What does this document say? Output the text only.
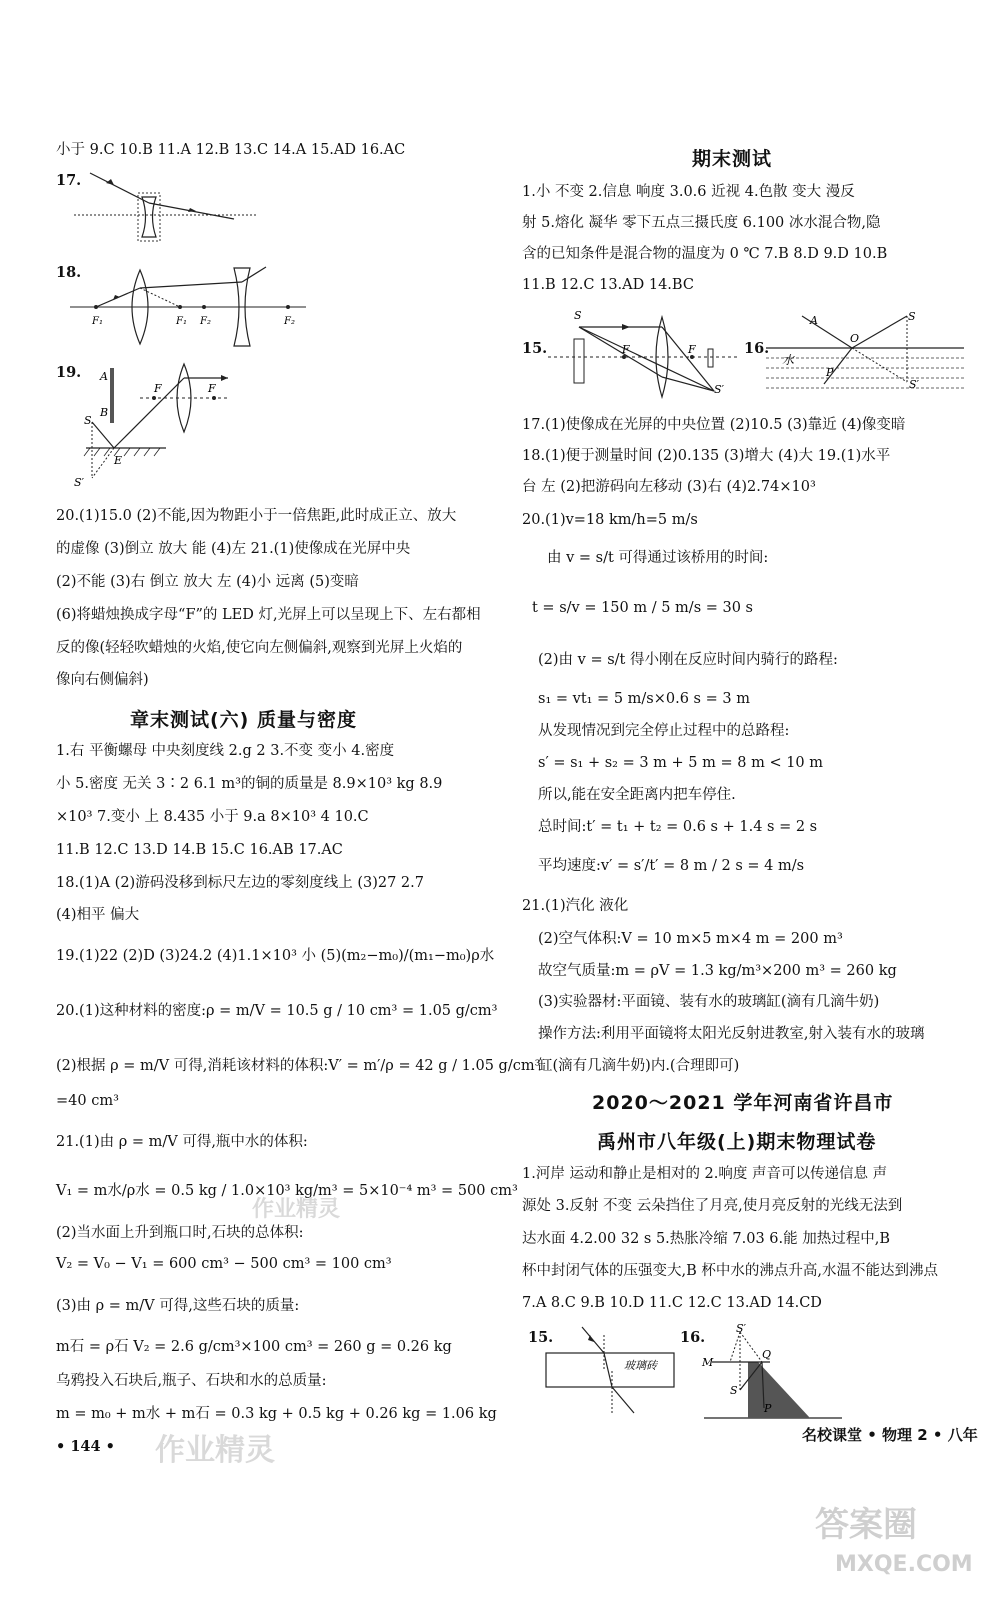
小于 9.C 10.B 11.A 12.B 13.C 14.A 15.AD 16.AC
17.
18.
F₁	F₁ F₂	F₂
19. A
B
S
E
S′
F	F
20.(1)15.0 (2)不能,因为物距小于一倍焦距,此时成正立、放大
的虚像 (3)倒立 放大 能 (4)左 21.(1)使像成在光屏中央
(2)不能 (3)右 倒立 放大 左 (4)小 远离 (5)变暗
(6)将蜡烛换成字母“F”的 LED 灯,光屏上可以呈现上下、左右都相
反的像(轻轻吹蜡烛的火焰,使它向左侧偏斜,观察到光屏上火焰的
像向右侧偏斜)
章末测试(六) 质量与密度
1.右 平衡螺母 中央刻度线 2.g 2 3.不变 变小 4.密度
小 5.密度 无关 3∶2 6.1 m³的铜的质量是 8.9×10³ kg 8.9
×10³ 7.变小 上 8.435 小于 9.a 8×10³ 4 10.C
11.B 12.C 13.D 14.B 15.C 16.AB 17.AC
18.(1)A (2)游码没移到标尺左边的零刻度线上 (3)27 2.7
(4)相平 偏大
19.(1)22 (2)D (3)24.2 (4)1.1×10³ 小 (5)(m₂−m₀)/(m₁−m₀)ρ水
20.(1)这种材料的密度:ρ = m/V = 10.5 g / 10 cm³ = 1.05 g/cm³
(2)根据 ρ = m/V 可得,消耗该材料的体积:V′ = m′/ρ = 42 g / 1.05 g/cm³
=40 cm³
21.(1)由 ρ = m/V 可得,瓶中水的体积:
V₁ = m水/ρ水 = 0.5 kg / 1.0×10³ kg/m³ = 5×10⁻⁴ m³ = 500 cm³
(2)当水面上升到瓶口时,石块的总体积:
V₂ = V₀ − V₁ = 600 cm³ − 500 cm³ = 100 cm³
(3)由 ρ = m/V 可得,这些石块的质量:
m石 = ρ石 V₂ = 2.6 g/cm³×100 cm³ = 260 g = 0.26 kg
乌鸦投入石块后,瓶子、石块和水的总质量:
m = m₀ + m水 + m石 = 0.3 kg + 0.5 kg + 0.26 kg = 1.06 kg
• 144 •
期末测试
1.小 不变 2.信息 响度 3.0.6 近视 4.色散 变大 漫反
射 5.熔化 凝华 零下五点三摄氏度 6.100 冰水混合物,隐
含的已知条件是混合物的温度为 0 ℃ 7.B 8.D 9.D 10.B
11.B 12.C 13.AD 14.BC
15.
S
F	F
S′
16.
A
O
S
水
P
S′
17.(1)使像成在光屏的中央位置 (2)10.5 (3)靠近 (4)像变暗
18.(1)便于测量时间 (2)0.135 (3)增大 (4)大 19.(1)水平
台 左 (2)把游码向左移动 (3)右 (4)2.74×10³
20.(1)v=18 km/h=5 m/s
由 v = s/t 可得通过该桥用的时间:
t = s/v = 150 m / 5 m/s = 30 s
(2)由 v = s/t 得小刚在反应时间内骑行的路程:
s₁ = vt₁ = 5 m/s×0.6 s = 3 m
从发现情况到完全停止过程中的总路程:
s′ = s₁ + s₂ = 3 m + 5 m = 8 m < 10 m
所以,能在安全距离内把车停住.
总时间:t′ = t₁ + t₂ = 0.6 s + 1.4 s = 2 s
平均速度:v′ = s′/t′ = 8 m / 2 s = 4 m/s
21.(1)汽化 液化
(2)空气体积:V = 10 m×5 m×4 m = 200 m³
故空气质量:m = ρV = 1.3 kg/m³×200 m³ = 260 kg
(3)实验器材:平面镜、装有水的玻璃缸(滴有几滴牛奶)
操作方法:利用平面镜将太阳光反射进教室,射入装有水的玻璃
缸(滴有几滴牛奶)内.(合理即可)
2020～2021 学年河南省许昌市
禹州市八年级(上)期末物理试卷
1.河岸 运动和静止是相对的 2.响度 声音可以传递信息 声
源处 3.反射 不变 云朵挡住了月亮,使月亮反射的光线无法到
达水面 4.2.00 32 s 5.热胀冷缩 7.03 6.能 加热过程中,B
杯中封闭气体的压强变大,B 杯中水的沸点升高,水温不能达到沸点
7.A 8.C 9.B 10.D 11.C 12.C 13.AD 14.CD
15.
玻璃砖
16.
S′
M
Q
S
P
名校课堂 • 物理 2 • 八年
作业精灵
作业精灵
答案圈
MXQE.COM
